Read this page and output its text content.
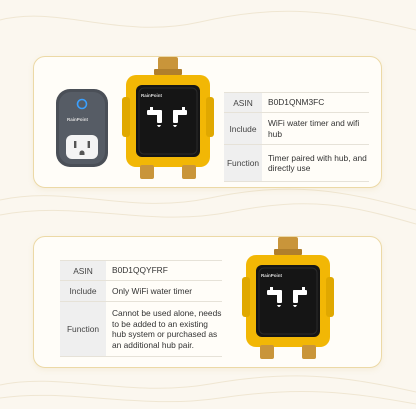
RainPoint
RainPoint
ASIN	B0D1QNM3FC
Include	WiFi water timer and wifi hub
Function	Timer paired with hub, and directly use
ASIN	B0D1QQYFRF
Include	Only WiFi water timer
Function	Cannot be used alone, needs to be added to an existing hub system or purchased as an additional hub pair.
RainPoint
